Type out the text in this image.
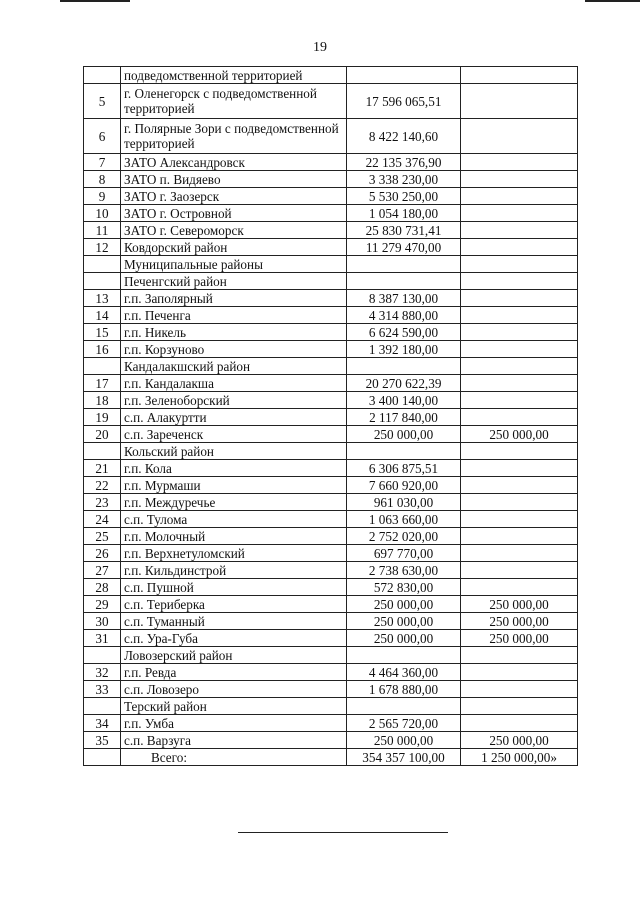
19
	подведомственной территорией		
5	г. Оленегорск с подведомственной территорией	17 596 065,51	
6	г. Полярные Зори с подведомственной территорией	8 422 140,60	
7	ЗАТО Александровск	22 135 376,90	
8	ЗАТО п. Видяево	3 338 230,00	
9	ЗАТО г. Заозерск	5 530 250,00	
10	ЗАТО г. Островной	1 054 180,00	
11	ЗАТО г. Североморск	25 830 731,41	
12	Ковдорский район	11 279 470,00	
	Муниципальные районы		
	Печенгский район		
13	г.п. Заполярный	8 387 130,00	
14	г.п. Печенга	4 314 880,00	
15	г.п. Никель	6 624 590,00	
16	г.п. Корзуново	1 392 180,00	
	Кандалакшский район		
17	г.п. Кандалакша	20 270 622,39	
18	г.п. Зеленоборский	3 400 140,00	
19	с.п. Алакуртти	2 117 840,00	
20	с.п. Зареченск	250 000,00	250 000,00
	Кольский район		
21	г.п. Кола	6 306 875,51	
22	г.п. Мурмаши	7 660 920,00	
23	г.п. Междуречье	961 030,00	
24	с.п. Тулома	1 063 660,00	
25	г.п. Молочный	2 752 020,00	
26	г.п. Верхнетуломский	697 770,00	
27	г.п. Кильдинстрой	2 738 630,00	
28	с.п. Пушной	572 830,00	
29	с.п. Териберка	250 000,00	250 000,00
30	с.п. Туманный	250 000,00	250 000,00
31	с.п. Ура-Губа	250 000,00	250 000,00
	Ловозерский район		
32	г.п. Ревда	4 464 360,00	
33	с.п. Ловозеро	1 678 880,00	
	Терский район		
34	г.п. Умба	2 565 720,00	
35	с.п. Варзуга	250 000,00	250 000,00
	Всего:	354 357 100,00	1 250 000,00»
